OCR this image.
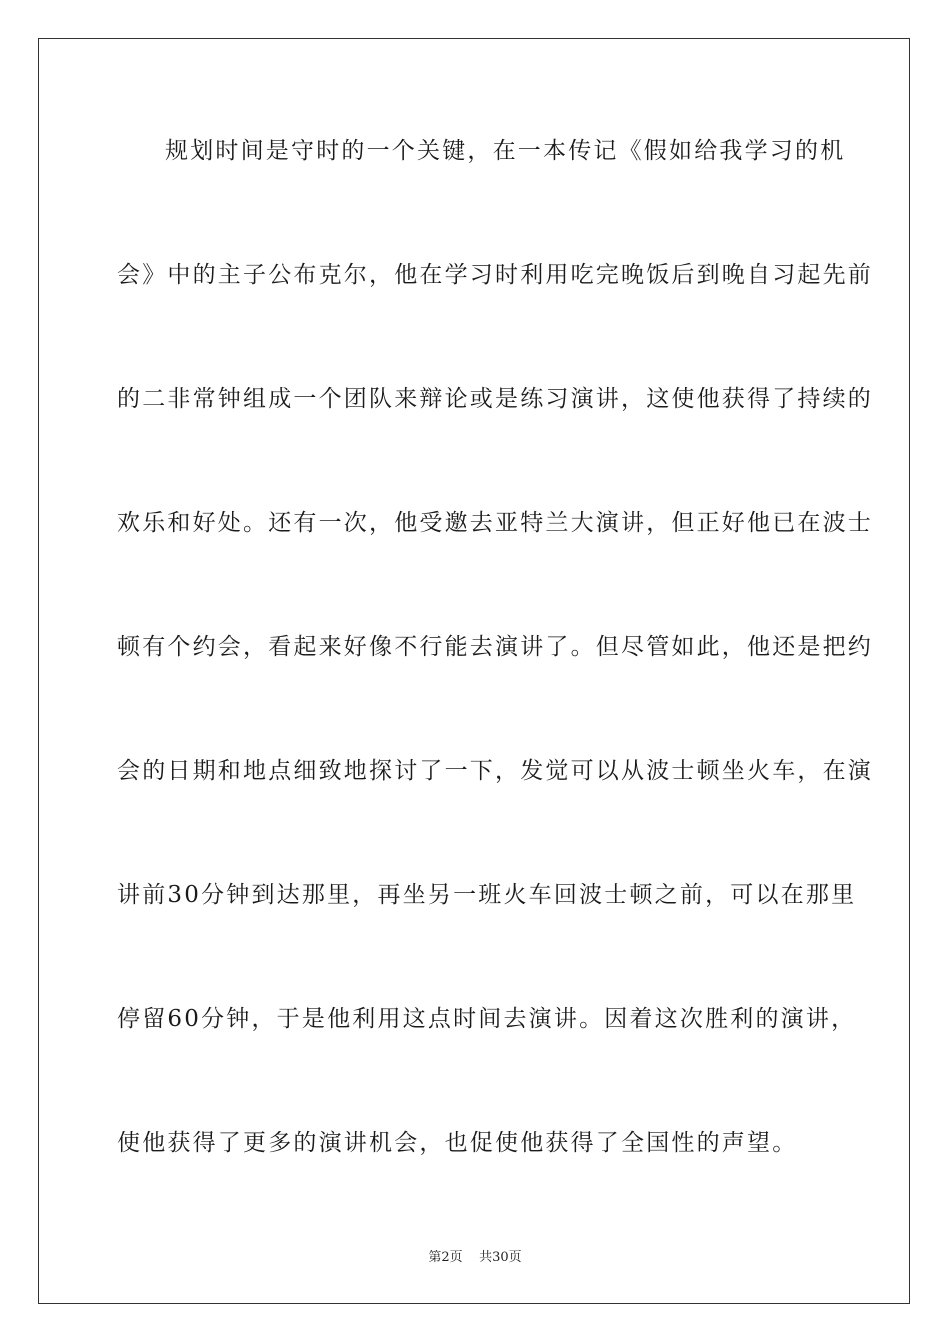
规划时间是守时的一个关键，在一本传记《假如给我学习的机
会》中的主子公布克尔，他在学习时利用吃完晚饭后到晚自习起先前
的二非常钟组成一个团队来辩论或是练习演讲，这使他获得了持续的
欢乐和好处。还有一次，他受邀去亚特兰大演讲，但正好他已在波士
顿有个约会，看起来好像不行能去演讲了。但尽管如此，他还是把约
会的日期和地点细致地探讨了一下，发觉可以从波士顿坐火车，在演
讲前30分钟到达那里，再坐另一班火车回波士顿之前，可以在那里
停留60分钟，于是他利用这点时间去演讲。因着这次胜利的演讲，
使他获得了更多的演讲机会，也促使他获得了全国性的声望。
第2页 共30页
